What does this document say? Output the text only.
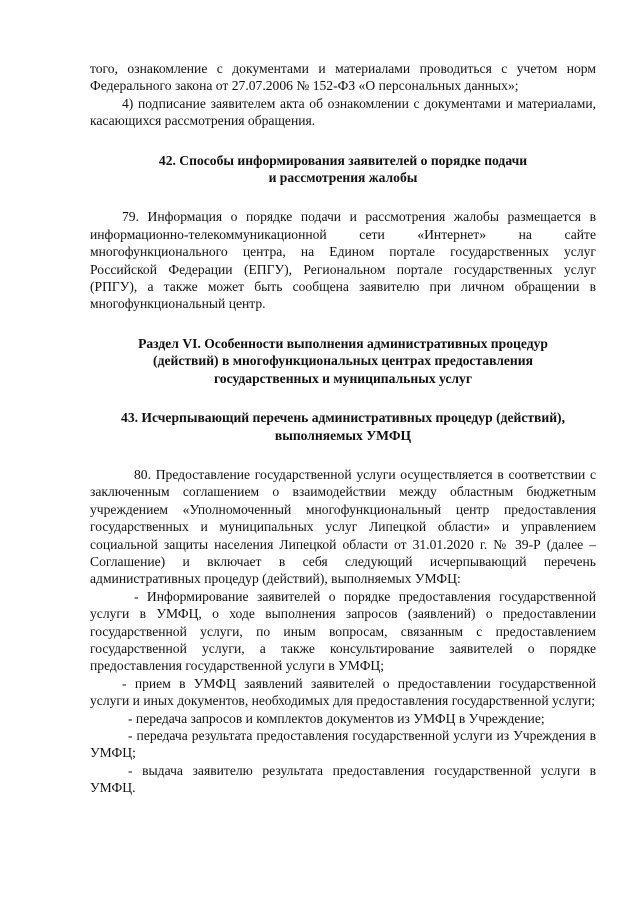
того, ознакомление с документами и материалами проводиться с учетом норм Федерального закона от 27.07.2006 № 152-ФЗ «О персональных данных»;

4) подписание заявителем акта об ознакомлении с документами и материалами, касающихся рассмотрения обращения.

42. Способы информирования заявителей о порядке подачи

и рассмотрения жалобы

79. Информация о порядке подачи и рассмотрения жалобы размещается в информационно-телекоммуникационной сети «Интернет» на сайте многофункционального центра, на Едином портале государственных услуг Российской Федерации (ЕПГУ), Региональном портале государственных услуг (РПГУ), а также может быть сообщена заявителю при личном обращении в многофункциональный центр.

Раздел VI. Особенности выполнения административных процедур

(действий) в многофункциональных центрах предоставления

государственных и муниципальных услуг

43. Исчерпывающий перечень административных процедур (действий),

выполняемых УМФЦ

80. Предоставление государственной услуги осуществляется в соответствии с заключенным соглашением о взаимодействии между областным бюджетным учреждением «Уполномоченный многофункциональный центр предоставления государственных и муниципальных услуг Липецкой области» и управлением социальной защиты населения Липецкой области от 31.01.2020 г. № 39-Р (далее – Соглашение) и включает в себя следующий исчерпывающий перечень административных процедур (действий), выполняемых УМФЦ:

- Информирование заявителей о порядке предоставления государственной услуги в УМФЦ, о ходе выполнения запросов (заявлений) о предоставлении государственной услуги, по иным вопросам, связанным с предоставлением государственной услуги, а также консультирование заявителей о порядке предоставления государственной услуги в УМФЦ;

- прием в УМФЦ заявлений заявителей о предоставлении государственной услуги и иных документов, необходимых для предоставления государственной услуги;

- передача запросов и комплектов документов из УМФЦ в Учреждение;

- передача результата предоставления государственной услуги из Учреждения в УМФЦ;

- выдача заявителю результата предоставления государственной услуги в УМФЦ.
